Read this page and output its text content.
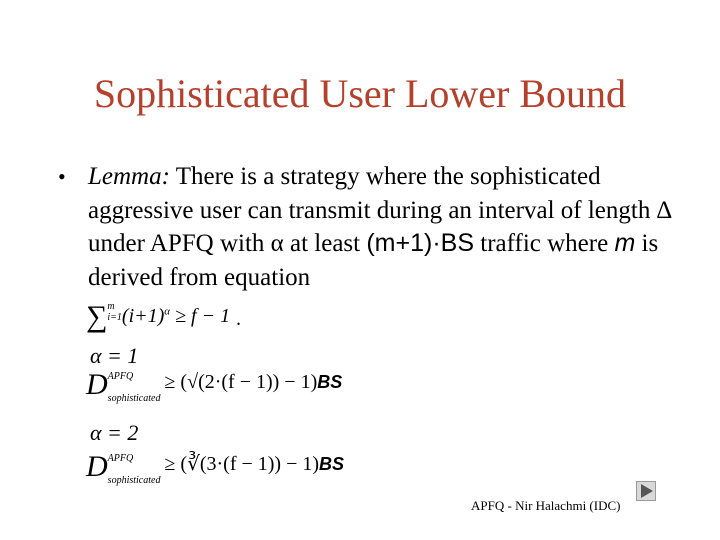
Sophisticated User Lower Bound
• Lemma: There is a strategy where the sophisticated aggressive user can transmit during an interval of length ∆ under APFQ with α at least (m+1)·BS traffic where m is derived from equation
∑m
$i=1(i+1)^\alpha \ge f - 1$ .
α = 1
DAPFQ

sophisticated$^{\ge (√(2\cdot(f - 1)) - 1)BS}$
α = 2
DAPFQ

sophisticated$^{\ge (∛(3\cdot(f - 1)) - 1)BS}$
APFQ - Nir Halachmi (IDC)
